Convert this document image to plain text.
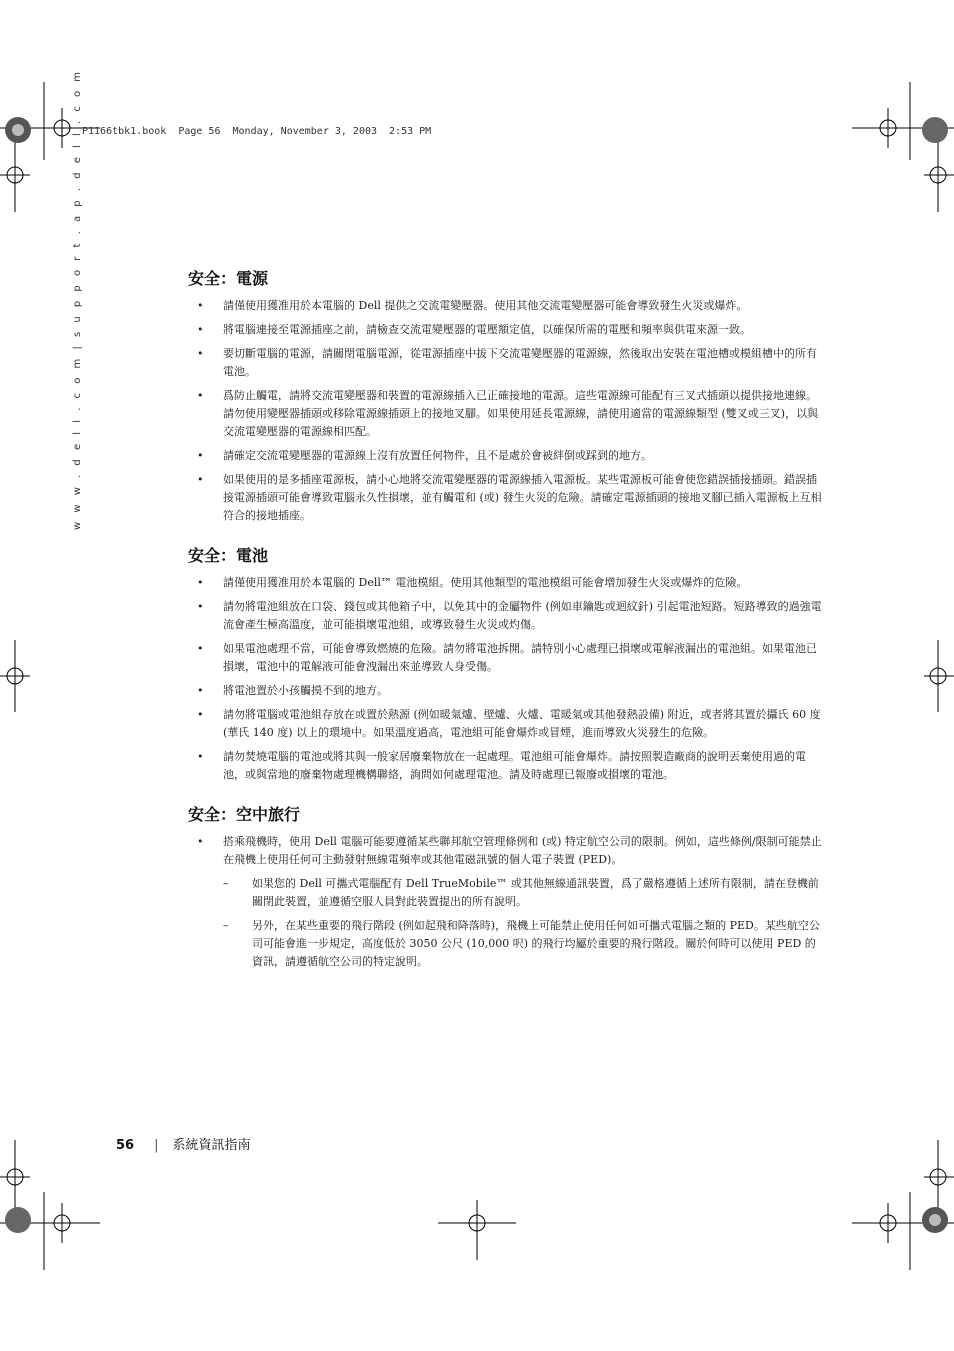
P1166tbk1.book  Page 56  Monday, November 3, 2003  2:53 PM
w w w . d e l l . c o m | s u p p o r t . a p . d e l l . c o m	安全：電源
• 請僅使用獲准用於本電腦的 Dell 提供之交流電變壓器。使用其他交流電變壓器可能會導致發生火災或爆炸。
• 將電腦連接至電源插座之前，請檢查交流電變壓器的電壓額定值，以確保所需的電壓和頻率與供電來源一致。
• 要切斷電腦的電源，請關閉電腦電源，從電源插座中拔下交流電變壓器的電源線，然後取出安裝在電池槽或模組槽中的所有電池。
• 爲防止觸電，請將交流電變壓器和裝置的電源線插入已正確接地的電源。這些電源線可能配有三叉式插頭以提供接地連線。請勿使用變壓器插頭或移除電源線插頭上的接地叉腳。如果使用延長電源線，請使用適當的電源線類型 (雙叉或三叉)，以與交流電變壓器的電源線相匹配。
• 請確定交流電變壓器的電源線上沒有放置任何物件，且不是處於會被絆倒或踩到的地方。
• 如果使用的是多插座電源板，請小心地將交流電變壓器的電源線插入電源板。某些電源板可能會使您錯誤插接插頭。錯誤插接電源插頭可能會導致電腦永久性損壞，並有觸電和 (或) 發生火災的危險。請確定電源插頭的接地叉腳已插入電源板上互相符合的接地插座。
安全：電池
• 請僅使用獲准用於本電腦的 Dell™ 電池模組。使用其他類型的電池模組可能會增加發生火災或爆炸的危險。
• 請勿將電池組放在口袋、錢包或其他箱子中，以免其中的金屬物件 (例如車鑰匙或迴紋針) 引起電池短路。短路導致的過強電流會產生極高溫度，並可能損壞電池組，或導致發生火災或灼傷。
• 如果電池處理不當，可能會導致燃燒的危險。請勿將電池拆開。請特別小心處理已損壞或電解液漏出的電池組。如果電池已損壞，電池中的電解液可能會洩漏出來並導致人身受傷。
• 將電池置於小孩觸摸不到的地方。
• 請勿將電腦或電池組存放在或置於熱源 (例如暖氣爐、壁爐、火爐、電暖氣或其他發熱設備) 附近，或者將其置於攝氏 60 度 (華氏 140 度) 以上的環境中。如果溫度過高，電池組可能會爆炸或冒煙，進而導致火災發生的危險。
• 請勿焚燒電腦的電池或將其與一般家居廢棄物放在一起處理。電池組可能會爆炸。請按照製造廠商的說明丟棄使用過的電池，或與當地的廢棄物處理機構聯絡，詢問如何處理電池。請及時處理已報廢或損壞的電池。
安全：空中旅行
• 搭乘飛機時，使用 Dell 電腦可能要遵循某些聯邦航空管理條例和 (或) 特定航空公司的限制。例如，這些條例/限制可能禁止在飛機上使用任何可主動發射無線電頻率或其他電磁訊號的個人電子裝置 (PED)。
– 如果您的 Dell 可攜式電腦配有 Dell TrueMobile™ 或其他無線通訊裝置，爲了嚴格遵循上述所有限制，請在登機前關閉此裝置，並遵循空服人員對此裝置提出的所有說明。
– 另外，在某些重要的飛行階段 (例如起飛和降落時)，飛機上可能禁止使用任何如可攜式電腦之類的 PED。某些航空公司可能會進一步規定，高度低於 3050 公尺 (10,000 呎) 的飛行均屬於重要的飛行階段。關於何時可以使用 PED 的資訊，請遵循航空公司的特定說明。
56 | 系統資訊指南
